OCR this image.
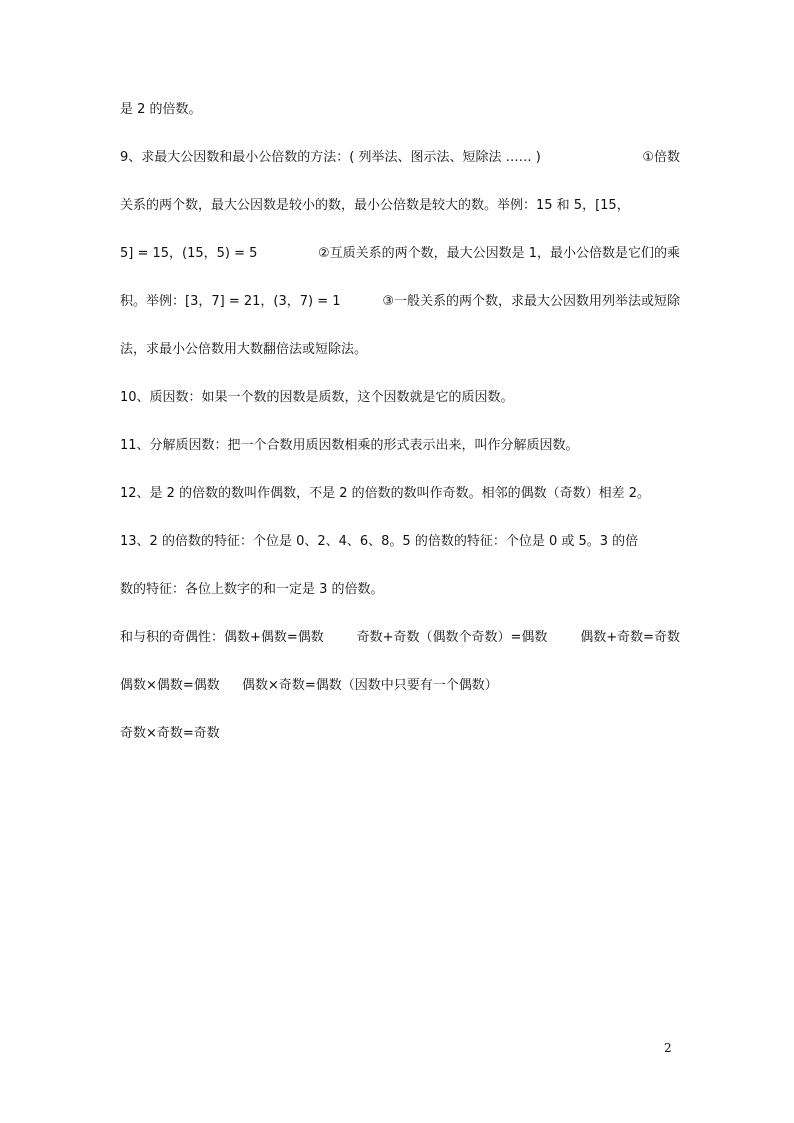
是 2 的倍数。
9、求最大公因数和最小公倍数的方法：( 列举法、图示法、短除法 …… )	①倍数
关系的两个数，最大公因数是较小的数，最小公倍数是较大的数。举例：15 和 5，[15，
5] = 15，(15，5) = 5	②互质关系的两个数，最大公因数是 1，最小公倍数是它们的乘
积。举例：[3，7] = 21，(3，7) = 1	③一般关系的两个数，求最大公因数用列举法或短除
法，求最小公倍数用大数翻倍法或短除法。
10、质因数：如果一个数的因数是质数，这个因数就是它的质因数。
11、分解质因数：把一个合数用质因数相乘的形式表示出来，叫作分解质因数。
12、是 2 的倍数的数叫作偶数，不是 2 的倍数的数叫作奇数。相邻的偶数（奇数）相差 2。
13、2 的倍数的特征：个位是 0、2、4、6、8。5 的倍数的特征：个位是 0 或 5。3 的倍
数的特征：各位上数字的和一定是 3 的倍数。
和与积的奇偶性：偶数+偶数=偶数	奇数+奇数（偶数个奇数）=偶数	偶数+奇数=奇数
偶数×偶数=偶数 偶数×奇数=偶数（因数中只要有一个偶数）
奇数×奇数=奇数
2
